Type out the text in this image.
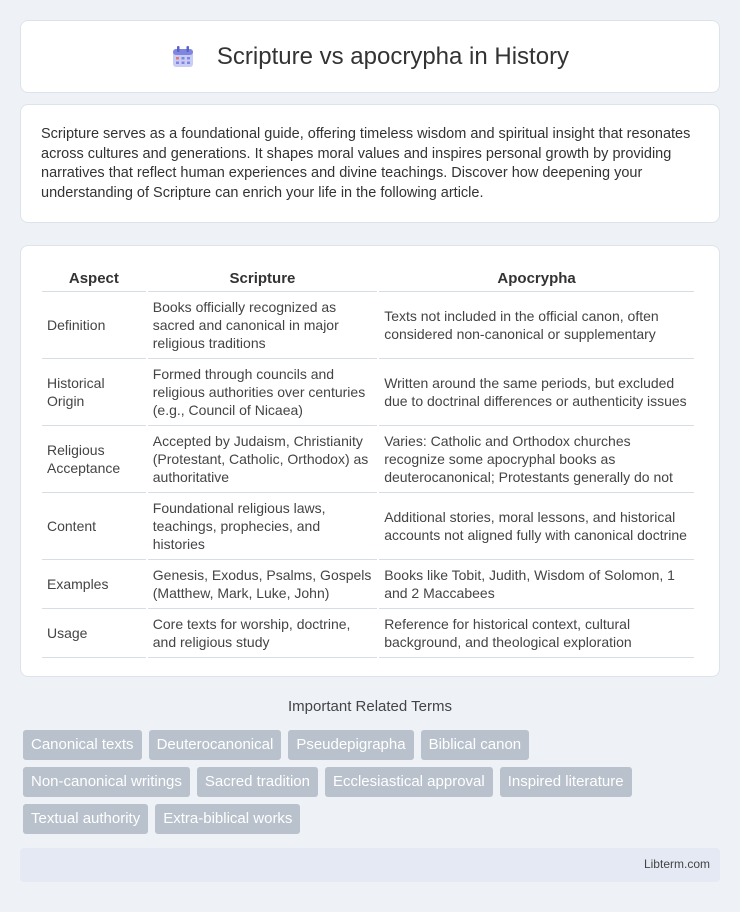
Scripture vs apocrypha in History

Scripture serves as a foundational guide, offering timeless wisdom and spiritual insight that resonates across cultures and generations. It shapes moral values and inspires personal growth by providing narratives that reflect human experiences and divine teachings. Discover how deepening your understanding of Scripture can enrich your life in the following article.

Aspect	Scripture	Apocrypha
Definition	Books officially recognized as sacred and canonical in major religious traditions	Texts not included in the official canon, often considered non-canonical or supplementary
Historical Origin	Formed through councils and religious authorities over centuries (e.g., Council of Nicaea)	Written around the same periods, but excluded due to doctrinal differences or authenticity issues
Religious Acceptance	Accepted by Judaism, Christianity (Protestant, Catholic, Orthodox) as authoritative	Varies: Catholic and Orthodox churches recognize some apocryphal books as deuterocanonical; Protestants generally do not
Content	Foundational religious laws, teachings, prophecies, and histories	Additional stories, moral lessons, and historical accounts not aligned fully with canonical doctrine
Examples	Genesis, Exodus, Psalms, Gospels (Matthew, Mark, Luke, John)	Books like Tobit, Judith, Wisdom of Solomon, 1 and 2 Maccabees
Usage	Core texts for worship, doctrine, and religious study	Reference for historical context, cultural background, and theological exploration
Important Related Terms
Canonical texts	Deuterocanonical	Pseudepigrapha	Biblical canon
Non-canonical writings	Sacred tradition	Ecclesiastical approval	Inspired literature
Textual authority	Extra-biblical works
Libterm.com
